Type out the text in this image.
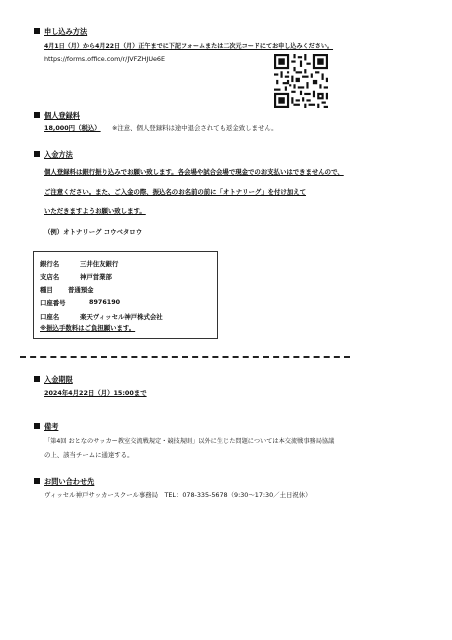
申し込み方法
4月1日（月）から4月22日（月）正午までに下記フォームまたは二次元コードにてお申し込みください。
https://forms.office.com/r/JVFZHJUe6E
個人登録料
18,000円（税込） ※注意、個人登録料は途中退会されても返金致しません。
入金方法
個人登録料は銀行振り込みでお願い致します。各会場や試合会場で現金でのお支払いはできませんので、
ご注意ください。また、ご入金の際、振込名のお名前の前に「オトナリーグ」を付け加えて
いただきますようお願い致します。
（例）オトナリーグ コウベタロウ
銀行名	三井住友銀行
支店名	神戸営業部
種目 普通預金
口座番号	8976190
口座名	楽天ヴィッセル神戸株式会社
※振込手数料はご負担願います。
入金期限
2024年4月22日（月）15:00まで
備考
「第4回 おとなのサッカー教室交流戦規定・競技規則」以外に生じた問題については本交流戦事務局協議
の上、該当チームに通達する。
お問い合わせ先
ヴィッセル神戸サッカースクール事務局　TEL：078-335-5678（9:30〜17:30／土日祝休）
